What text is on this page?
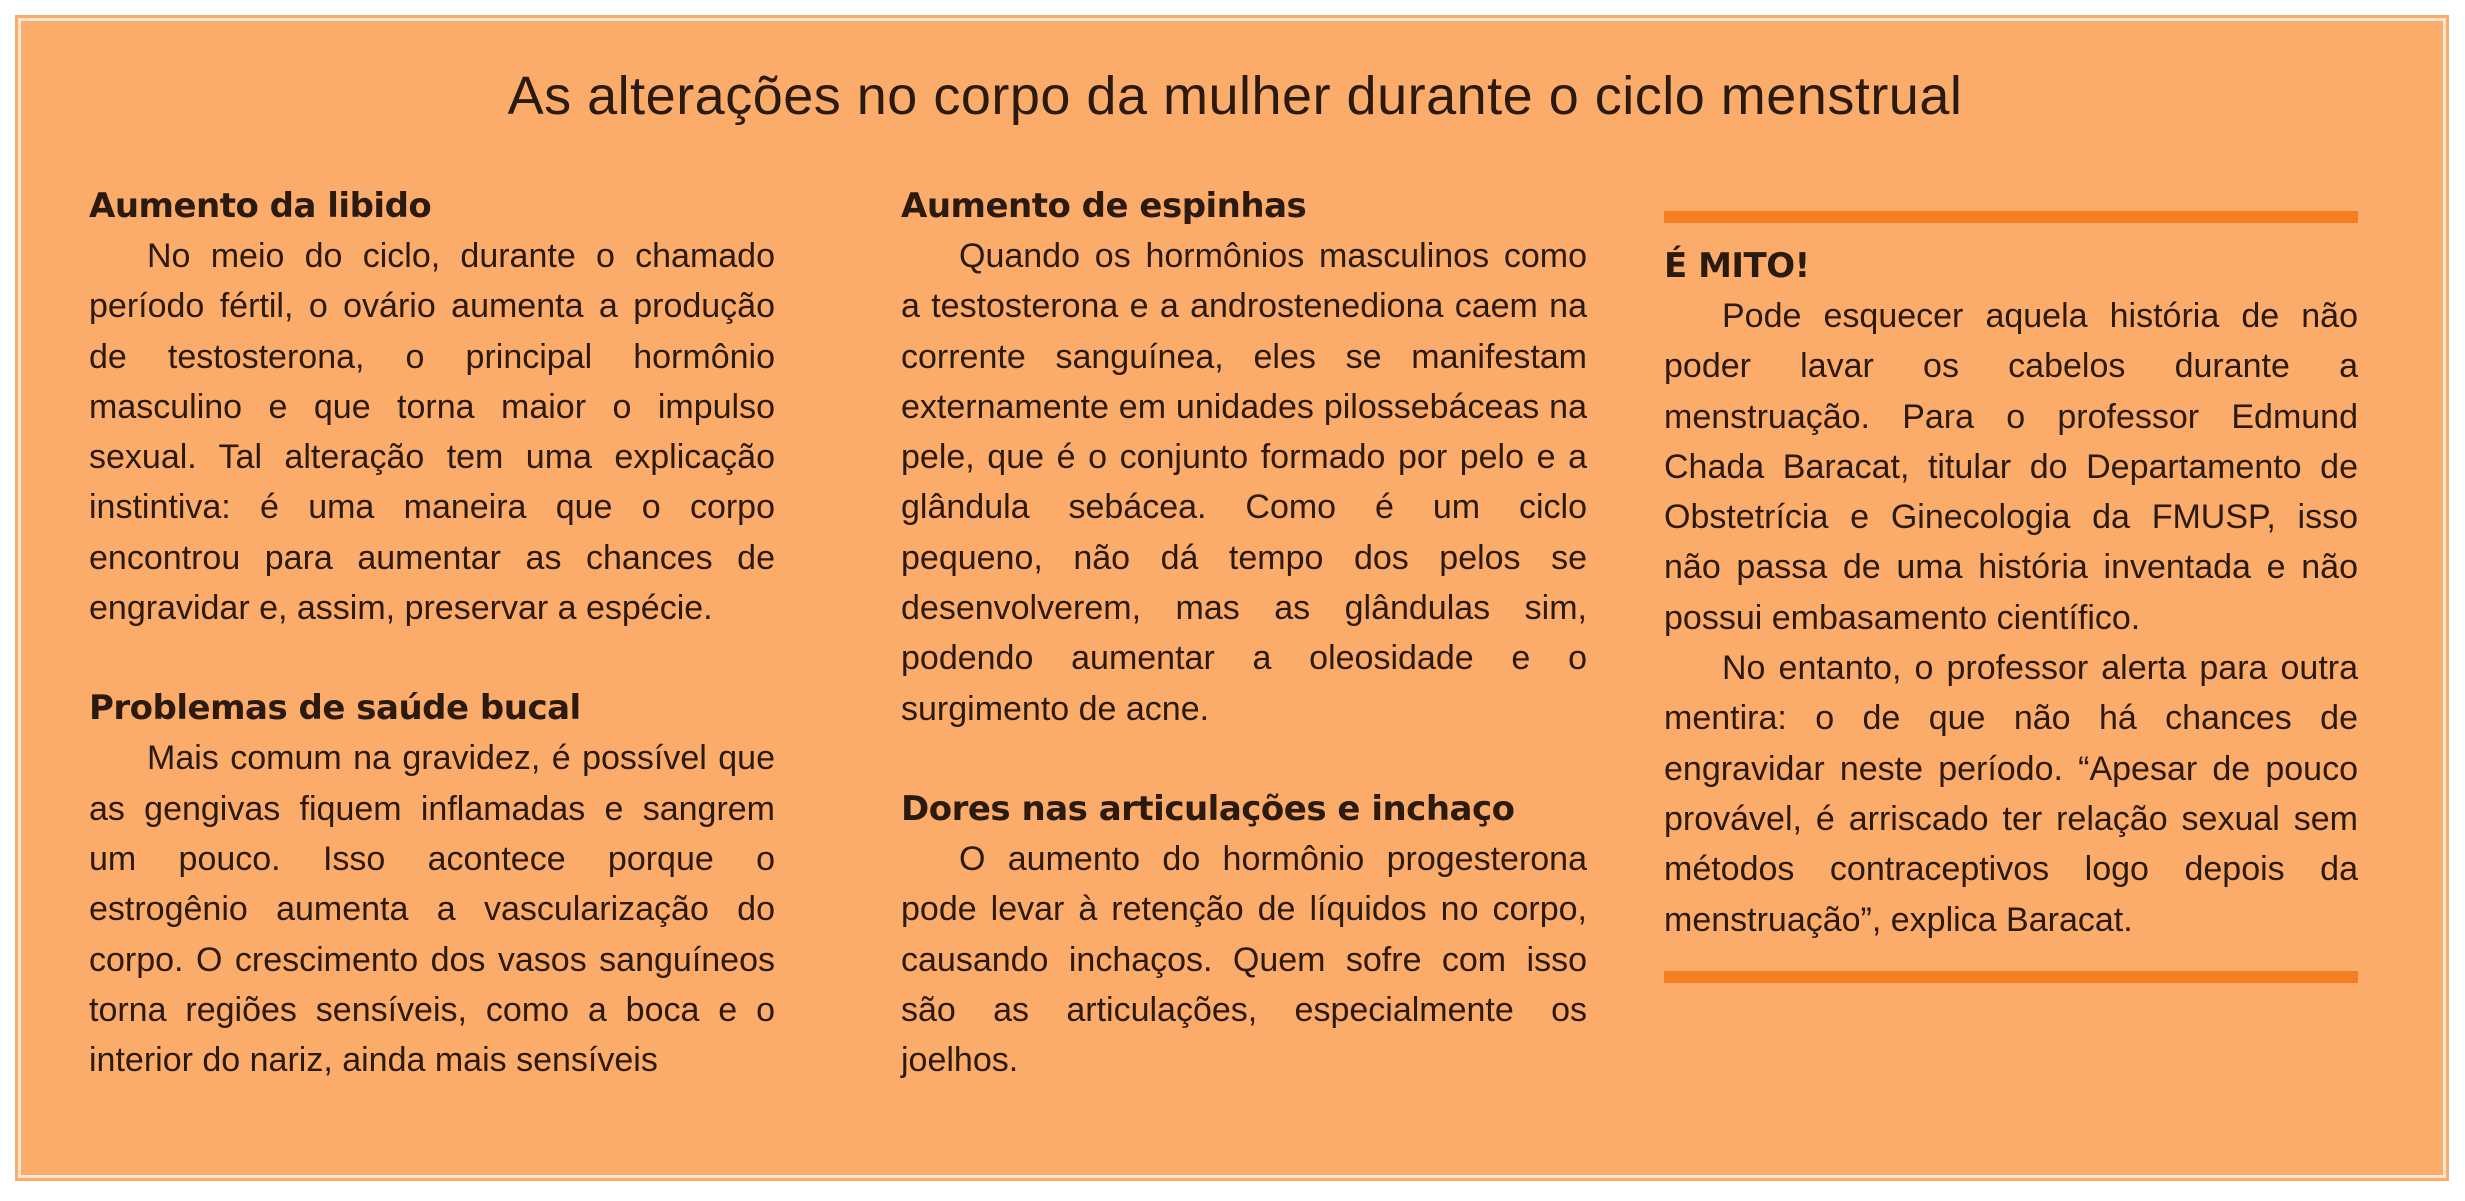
As alterações no corpo da mulher durante o ciclo menstrual
Aumento da libido
No meio do ciclo, durante o chamado período fértil, o ovário aumenta a produção de testosterona, o principal hormônio masculino e que torna maior o impulso sexual. Tal alteração tem uma explicação instintiva: é uma maneira que o corpo encontrou para aumentar as chances de engravidar e, assim, preservar a espécie.
Problemas de saúde bucal
Mais comum na gravidez, é possível que as gengivas fiquem inflamadas e sangrem um pouco. Isso acontece porque o estrogênio aumenta a vascularização do corpo. O crescimento dos vasos sanguíneos torna regiões sensíveis, como a boca e o interior do nariz, ainda mais sensíveis
Aumento de espinhas
Quando os hormônios masculinos como a testosterona e a androstenediona caem na corrente sanguínea, eles se manifestam externamente em unidades pilossebáceas na pele, que é o conjunto formado por pelo e a glândula sebácea. Como é um ciclo pequeno, não dá tempo dos pelos se desenvolverem, mas as glândulas sim, podendo aumentar a oleosidade e o surgimento de acne.
Dores nas articulações e inchaço
O aumento do hormônio progesterona pode levar à retenção de líquidos no corpo, causando inchaços. Quem sofre com isso são as articulações, especialmente os joelhos.
É MITO!
Pode esquecer aquela história de não poder lavar os cabelos durante a menstruação. Para o professor Edmund Chada Baracat, titular do Departamento de Obstetrícia e Ginecologia da FMUSP, isso não passa de uma história inventada e não possui embasamento científico.
No entanto, o professor alerta para outra mentira: o de que não há chances de engravidar neste período. “Apesar de pouco provável, é arriscado ter relação sexual sem métodos contraceptivos logo depois da menstruação”, explica Baracat.
